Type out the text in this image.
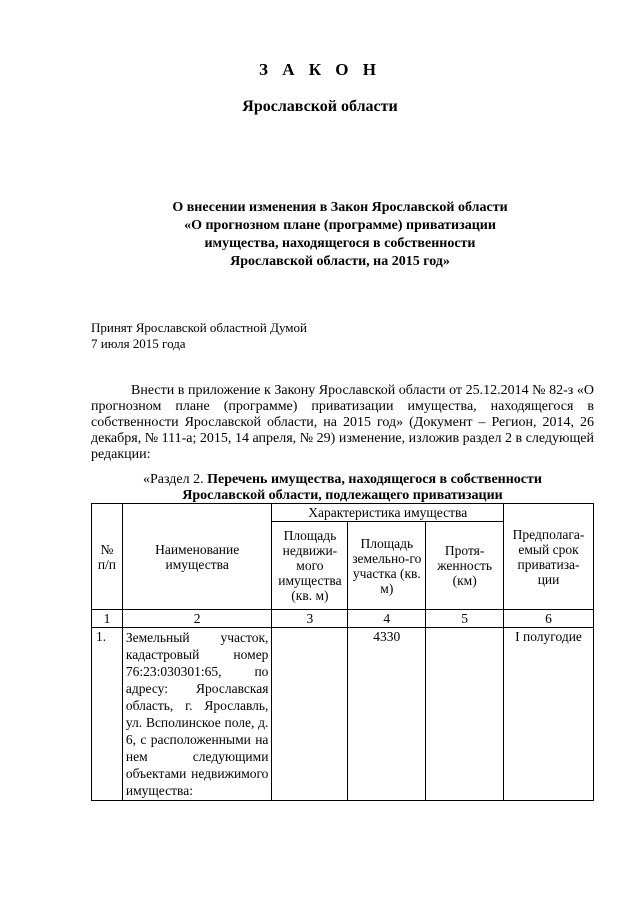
З А К О Н
Ярославской области
О внесении изменения в Закон Ярославской области
«О прогнозном плане (программе) приватизации
имущества, находящегося в собственности
Ярославской области, на 2015 год»
Принят Ярославской областной Думой
7 июля 2015 года
Внести в приложение к Закону Ярославской области от 25.12.2014 № 82-з «О прогнозном плане (программе) приватизации имущества, находящегося в собственности Ярославской области, на 2015 год» (Документ – Регион, 2014, 26 декабря, № 111-а; 2015, 14 апреля, № 29) изменение, изложив раздел 2 в следующей редакции:
«Раздел 2. Перечень имущества, находящегося в собственности
Ярославской области, подлежащего приватизации
№ п/п	Наименование имущества	Характеристика имущества			Предполага-емый срок приватиза-ции
		Площадь недвижи-мого имущества (кв. м)	Площадь земельно-го участка (кв. м)	Протя-женность (км)	
1	2	3	4	5	6
1.	Земельный участок, кадастровый номер 76:23:030301:65, по адресу: Ярославская область, г. Ярославль, ул. Всполинское поле, д. 6, с расположенными на нем следующими объектами недвижимого имущества:		4330		I полугодие
